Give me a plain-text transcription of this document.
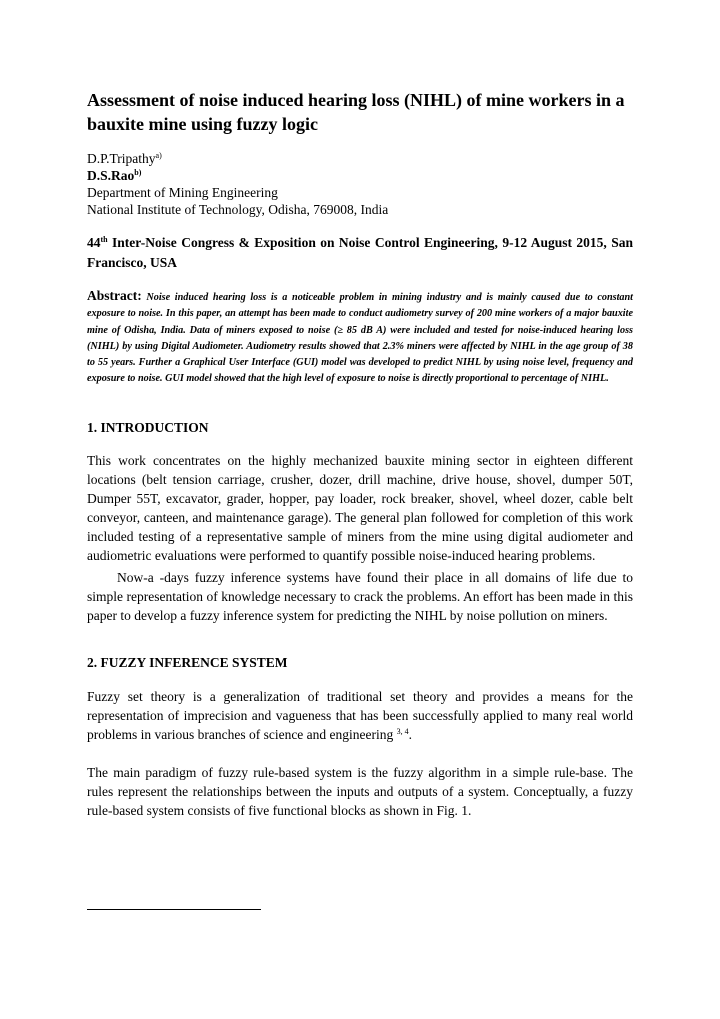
Assessment of noise induced hearing loss (NIHL) of mine workers in a bauxite mine using fuzzy logic
D.P.Tripathy$^{a)}$
D.S.Rao$^{b)}$
Department of Mining Engineering
National Institute of Technology, Odisha, 769008, India
44th Inter-Noise Congress & Exposition on Noise Control Engineering, 9-12 August 2015, San Francisco, USA
Abstract: Noise induced hearing loss is a noticeable problem in mining industry and is mainly caused due to constant exposure to noise. In this paper, an attempt has been made to conduct audiometry survey of 200 mine workers of a major bauxite mine of Odisha, India. Data of miners exposed to noise (≥ 85 dB A) were included and tested for noise-induced hearing loss (NIHL) by using Digital Audiometer. Audiometry results showed that 2.3% miners were affected by NIHL in the age group of 38 to 55 years. Further a Graphical User Interface (GUI) model was developed to predict NIHL by using noise level, frequency and exposure to noise. GUI model showed that the high level of exposure to noise is directly proportional to percentage of NIHL.
1. INTRODUCTION

This work concentrates on the highly mechanized bauxite mining sector in eighteen different locations (belt tension carriage, crusher, dozer, drill machine, drive house, shovel, dumper 50T, Dumper 55T, excavator, grader, hopper, pay loader, rock breaker, shovel, wheel dozer, cable belt conveyor, canteen, and maintenance garage). The general plan followed for completion of this work included testing of a representative sample of miners from the mine using digital audiometer and audiometric evaluations were performed to quantify possible noise-induced hearing problems.

Now-a -days fuzzy inference systems have found their place in all domains of life due to simple representation of knowledge necessary to crack the problems. An effort has been made in this paper to develop a fuzzy inference system for predicting the NIHL by noise pollution on miners.

2. FUZZY INFERENCE SYSTEM

Fuzzy set theory is a generalization of traditional set theory and provides a means for the representation of imprecision and vagueness that has been successfully applied to many real world problems in various branches of science and engineering $^{3, 4}$.

The main paradigm of fuzzy rule-based system is the fuzzy algorithm in a simple rule-base. The rules represent the relationships between the inputs and outputs of a system. Conceptually, a fuzzy rule-based system consists of five functional blocks as shown in Fig. 1.
